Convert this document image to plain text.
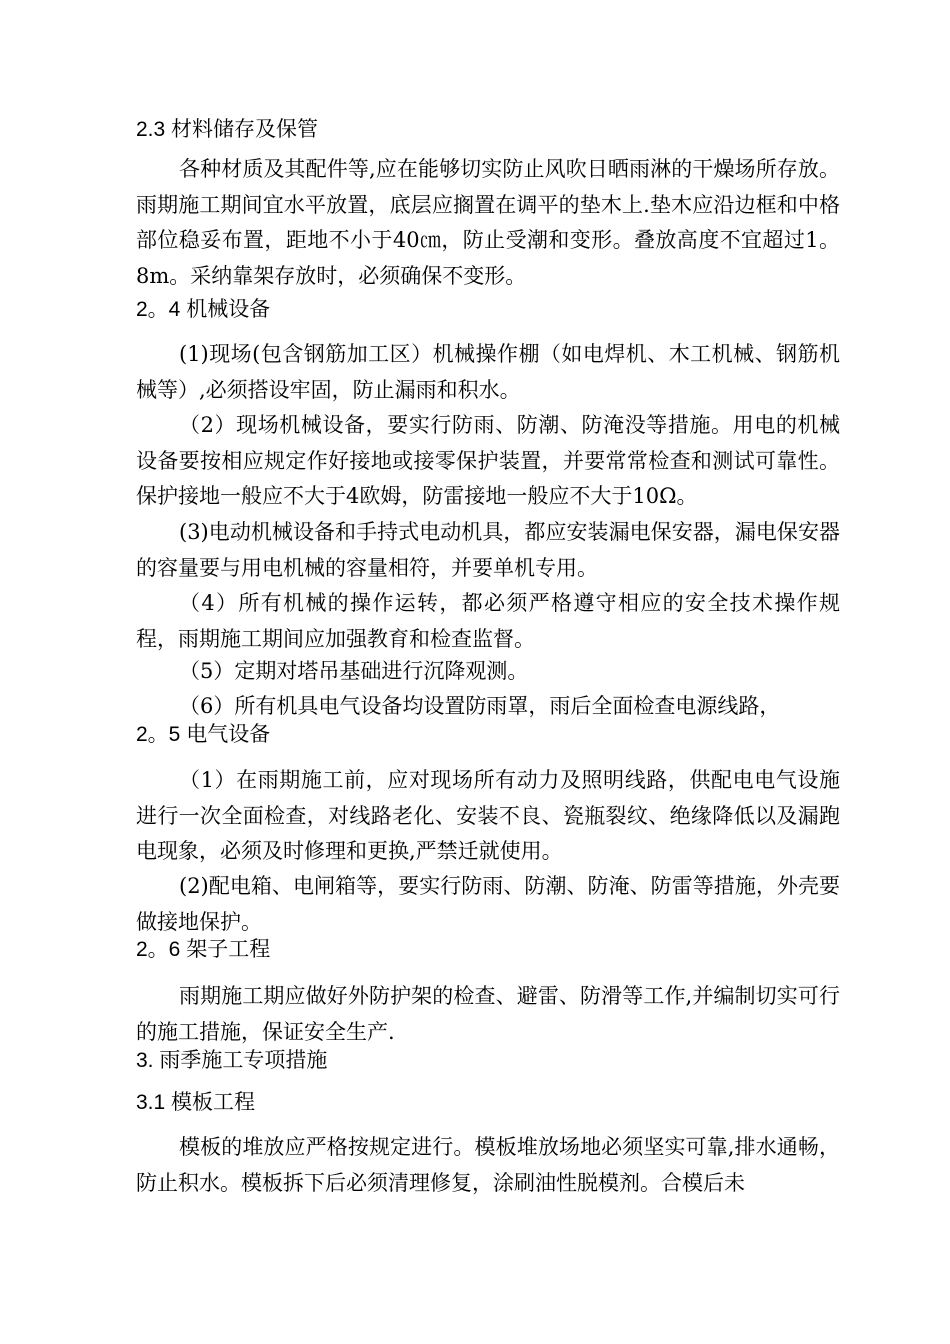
2.3 材料储存及保管
各种材质及其配件等,应在能够切实防止风吹日晒雨淋的干燥场所存放。雨期施工期间宜水平放置，底层应搁置在调平的垫木上.垫木应沿边框和中格部位稳妥布置，距地不小于40㎝，防止受潮和变形。叠放高度不宜超过1。8m。采纳靠架存放时，必须确保不变形。
2。4 机械设备
(1)现场(包含钢筋加工区）机械操作棚（如电焊机、木工机械、钢筋机械等）,必须搭设牢固，防止漏雨和积水。
（2）现场机械设备，要实行防雨、防潮、防淹没等措施。用电的机械设备要按相应规定作好接地或接零保护装置，并要常常检查和测试可靠性。保护接地一般应不大于4欧姆，防雷接地一般应不大于10Ω。
(3)电动机械设备和手持式电动机具，都应安装漏电保安器，漏电保安器的容量要与用电机械的容量相符，并要单机专用。
（4）所有机械的操作运转，都必须严格遵守相应的安全技术操作规程，雨期施工期间应加强教育和检查监督。
（5）定期对塔吊基础进行沉降观测。
（6）所有机具电气设备均设置防雨罩，雨后全面检查电源线路，
2。5 电气设备
（1）在雨期施工前，应对现场所有动力及照明线路，供配电电气设施进行一次全面检查，对线路老化、安装不良、瓷瓶裂纹、绝缘降低以及漏跑电现象，必须及时修理和更换,严禁迁就使用。
(2)配电箱、电闸箱等，要实行防雨、防潮、防淹、防雷等措施，外壳要做接地保护。
2。6 架子工程
雨期施工期应做好外防护架的检查、避雷、防滑等工作,并编制切实可行的施工措施，保证安全生产.
3. 雨季施工专项措施
3.1 模板工程
模板的堆放应严格按规定进行。模板堆放场地必须坚实可靠,排水通畅，防止积水。模板拆下后必须清理修复，涂刷油性脱模剂。合模后未
